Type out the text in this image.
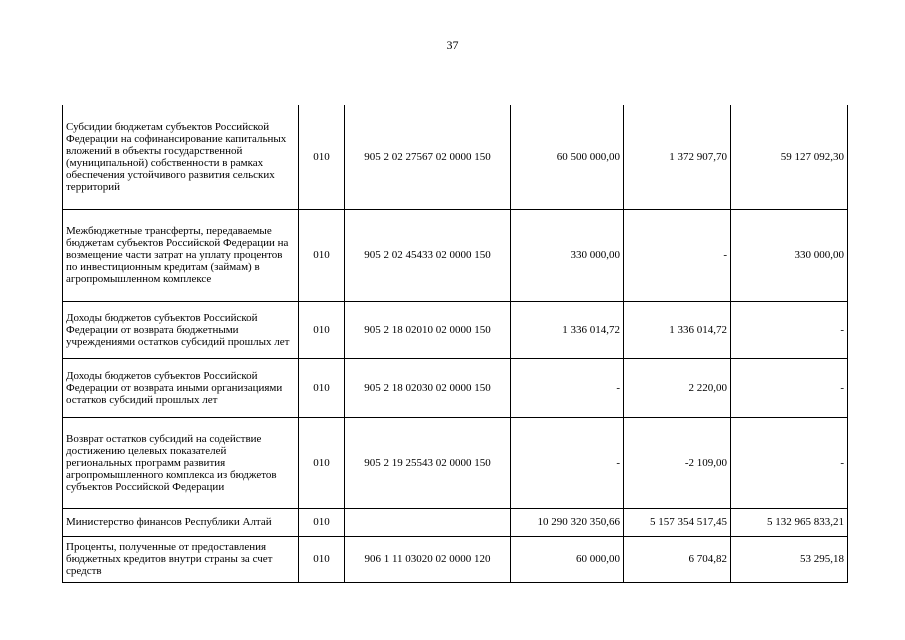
37
Субсидии бюджетам субъектов Российской Федерации на софинансирование капитальных вложений в объекты государственной (муниципальной) собственности в рамках обеспечения устойчивого развития сельских территорий	010	905 2 02 27567 02 0000 150	60 500 000,00	1 372 907,70	59 127 092,30
Межбюджетные трансферты, передаваемые бюджетам субъектов Российской Федерации на возмещение части затрат на уплату процентов по инвестиционным кредитам (займам) в агропромышленном комплексе	010	905 2 02 45433 02 0000 150	330 000,00	-	330 000,00
Доходы бюджетов субъектов Российской Федерации от возврата бюджетными учреждениями остатков субсидий прошлых лет	010	905 2 18 02010 02 0000 150	1 336 014,72	1 336 014,72	-
Доходы бюджетов субъектов Российской Федерации от возврата иными организациями остатков субсидий прошлых лет	010	905 2 18 02030 02 0000 150	-	2 220,00	-
Возврат остатков субсидий на содействие достижению целевых показателей региональных программ развития агропромышленного комплекса из бюджетов субъектов Российской Федерации	010	905 2 19 25543 02 0000 150	-	-2 109,00	-
Министерство финансов Республики Алтай	010		10 290 320 350,66	5 157 354 517,45	5 132 965 833,21
Проценты, полученные от предоставления бюджетных кредитов внутри страны за счет средств	010	906 1 11 03020 02 0000 120	60 000,00	6 704,82	53 295,18
